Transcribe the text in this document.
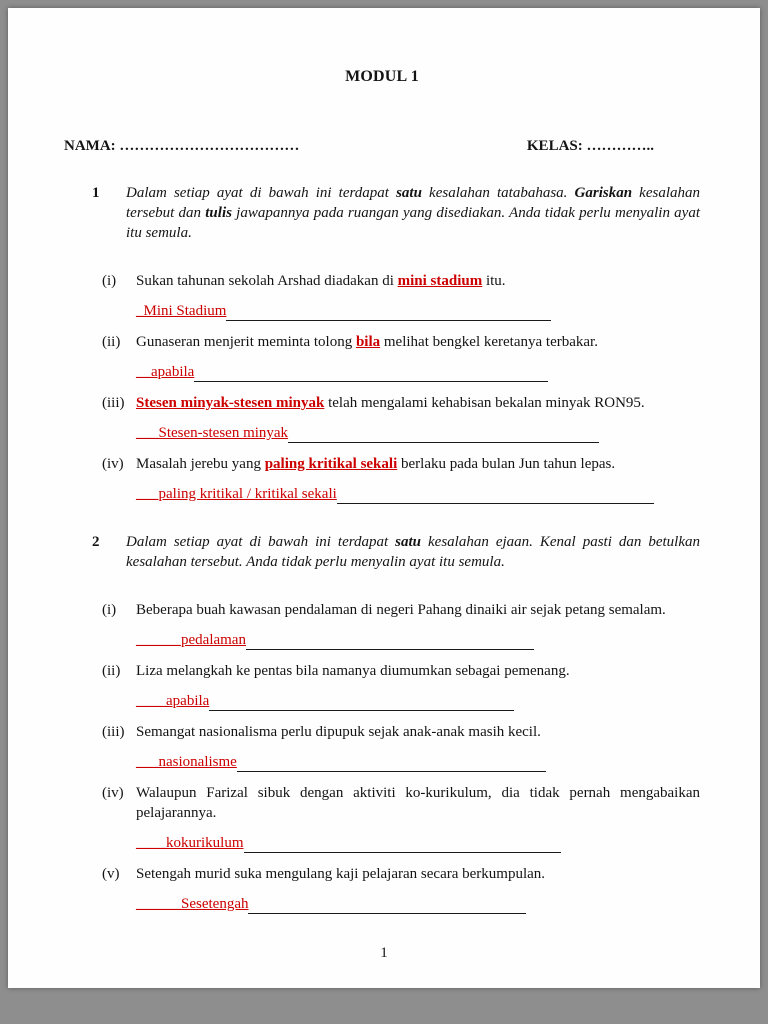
MODUL 1
NAMA: ………………………………	KELAS: …………..
1	Dalam setiap ayat di bawah ini terdapat satu kesalahan tatabahasa. Gariskan kesalahan tersebut dan tulis jawapannya pada ruangan yang disediakan. Anda tidak perlu menyalin ayat itu semula.
(i)	Sukan tahunan sekolah Arshad diadakan di mini stadium itu.
_Mini Stadium
(ii)	Gunaseran menjerit meminta tolong bila melihat bengkel keretanya terbakar.
__apabila
(iii) Stesen minyak-stesen minyak telah mengalami kehabisan bekalan minyak RON95.
___Stesen-stesen minyak
(iv) Masalah jerebu yang paling kritikal sekali berlaku pada bulan Jun tahun lepas.
___paling kritikal / kritikal sekali
2	Dalam setiap ayat di bawah ini terdapat satu kesalahan ejaan. Kenal pasti dan betulkan kesalahan tersebut. Anda tidak perlu menyalin ayat itu semula.
(i)	Beberapa buah kawasan pendalaman di negeri Pahang dinaiki air sejak petang semalam.
______pedalaman
(ii)	Liza melangkah ke pentas bila namanya diumumkan sebagai pemenang.
____apabila
(iii) Semangat nasionalisma perlu dipupuk sejak anak-anak masih kecil.
___nasionalisme
(iv) Walaupun Farizal sibuk dengan aktiviti ko-kurikulum, dia tidak pernah mengabaikan pelajarannya.
____kokurikulum
(v)	Setengah murid suka mengulang kaji pelajaran secara berkumpulan.
______Sesetengah
1
